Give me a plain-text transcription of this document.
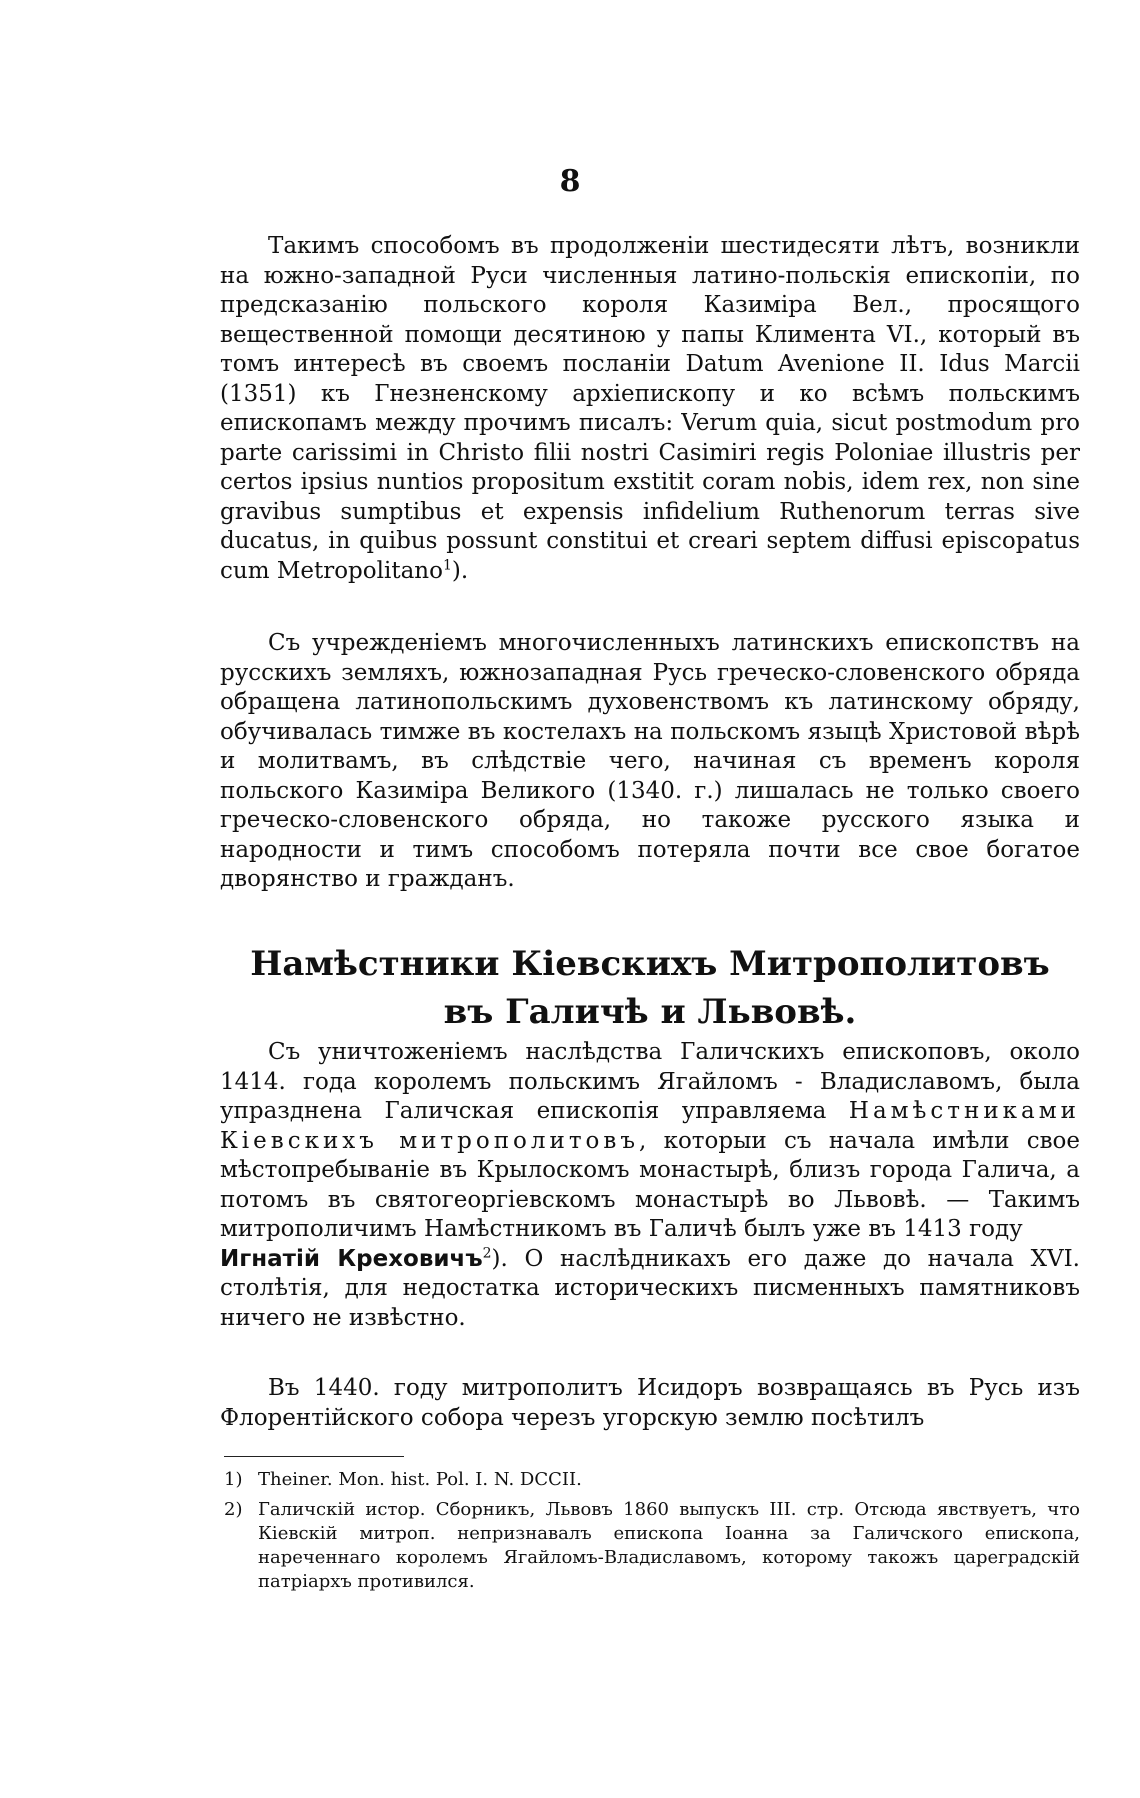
8

Такимъ способомъ въ продолженiи шестидесяти лѣтъ, возникли на южно-западной Руси численныя латино-польскiя епископiи, по предсказанiю польского короля Казимiра Вел., просящого вещественной помощи десятиною у папы Климента VI., который въ томъ интересѣ въ своемъ посланiи Datum Avenione II. Idus Marcii (1351) къ Гнезненскому архiепископу и ко всѣмъ польскимъ епископамъ между прочимъ писалъ: Verum quia, sicut postmodum pro parte carissimi in Christo filii nostri Casimiri regis Poloniae illustris per certos ipsius nuntios propositum exstitit coram nobis, idem rex, non sine gravibus sumptibus et expensis infidelium Ruthenorum terras sive ducatus, in quibus possunt constitui et creari septem diffusi episcopatus cum Metropolitano$^1$).

Съ учрежденiемъ многочисленныхъ латинскихъ епископствъ на русскихъ земляхъ, южнозападная Русь греческо-словенского обряда обращена латинопольскимъ духовенствомъ къ латинскому обряду, обучивалась тимже въ костелахъ на польскомъ языцѣ Христовой вѣрѣ и молитвамъ, въ слѣдствiе чего, начиная съ временъ короля польского Казимiра Великого (1340. г.) лишалась не только своего греческо-словенского обряда, но такоже русского языка и народности и тимъ способомъ потеряла почти все свое богатое дворянство и гражданъ.

Намѣстники Кiевскихъ Митрополитовъ
въ Галичѣ и Львовѣ.

Съ уничтоженiемъ наслѣдства Галичскихъ епископовъ, около 1414. года королемъ польскимъ Ягайломъ - Владиславомъ, была упразднена Галичская епископiя управляема Намѣстниками Кiевскихъ митрополитовъ, которыи съ начала имѣли свое мѣстопребыванiе въ Крылоскомъ монастырѣ, близъ города Галича, а потомъ въ святогеоргiевскомъ монастырѣ во Львовѣ. — Такимъ митрополичимъ Намѣстникомъ въ Галичѣ былъ уже въ 1413 году
Игнатiй Креховичъ$^2$). О наслѣдникахъ его даже до начала XVI. столѣтiя, для недостатка историческихъ писменныхъ памятниковъ ничего не извѣстно.

Въ 1440. году митрополитъ Исидоръ возвращаясь въ Русь изъ Флорентiйского собора черезъ угорскую землю посѣтилъ

1) Theiner. Mon. hist. Pol. I. N. DCCII.

2) Галичскiй истор. Сборникъ, Львовъ 1860 выпускъ III. стр. Отсюда явствуетъ, что Кiевскiй митроп. непризнавалъ епископа Iоанна за Галичского епископа, нареченнаго королемъ Ягайломъ-Владиславомъ, которому такожъ цареградскiй патрiархъ противился.
